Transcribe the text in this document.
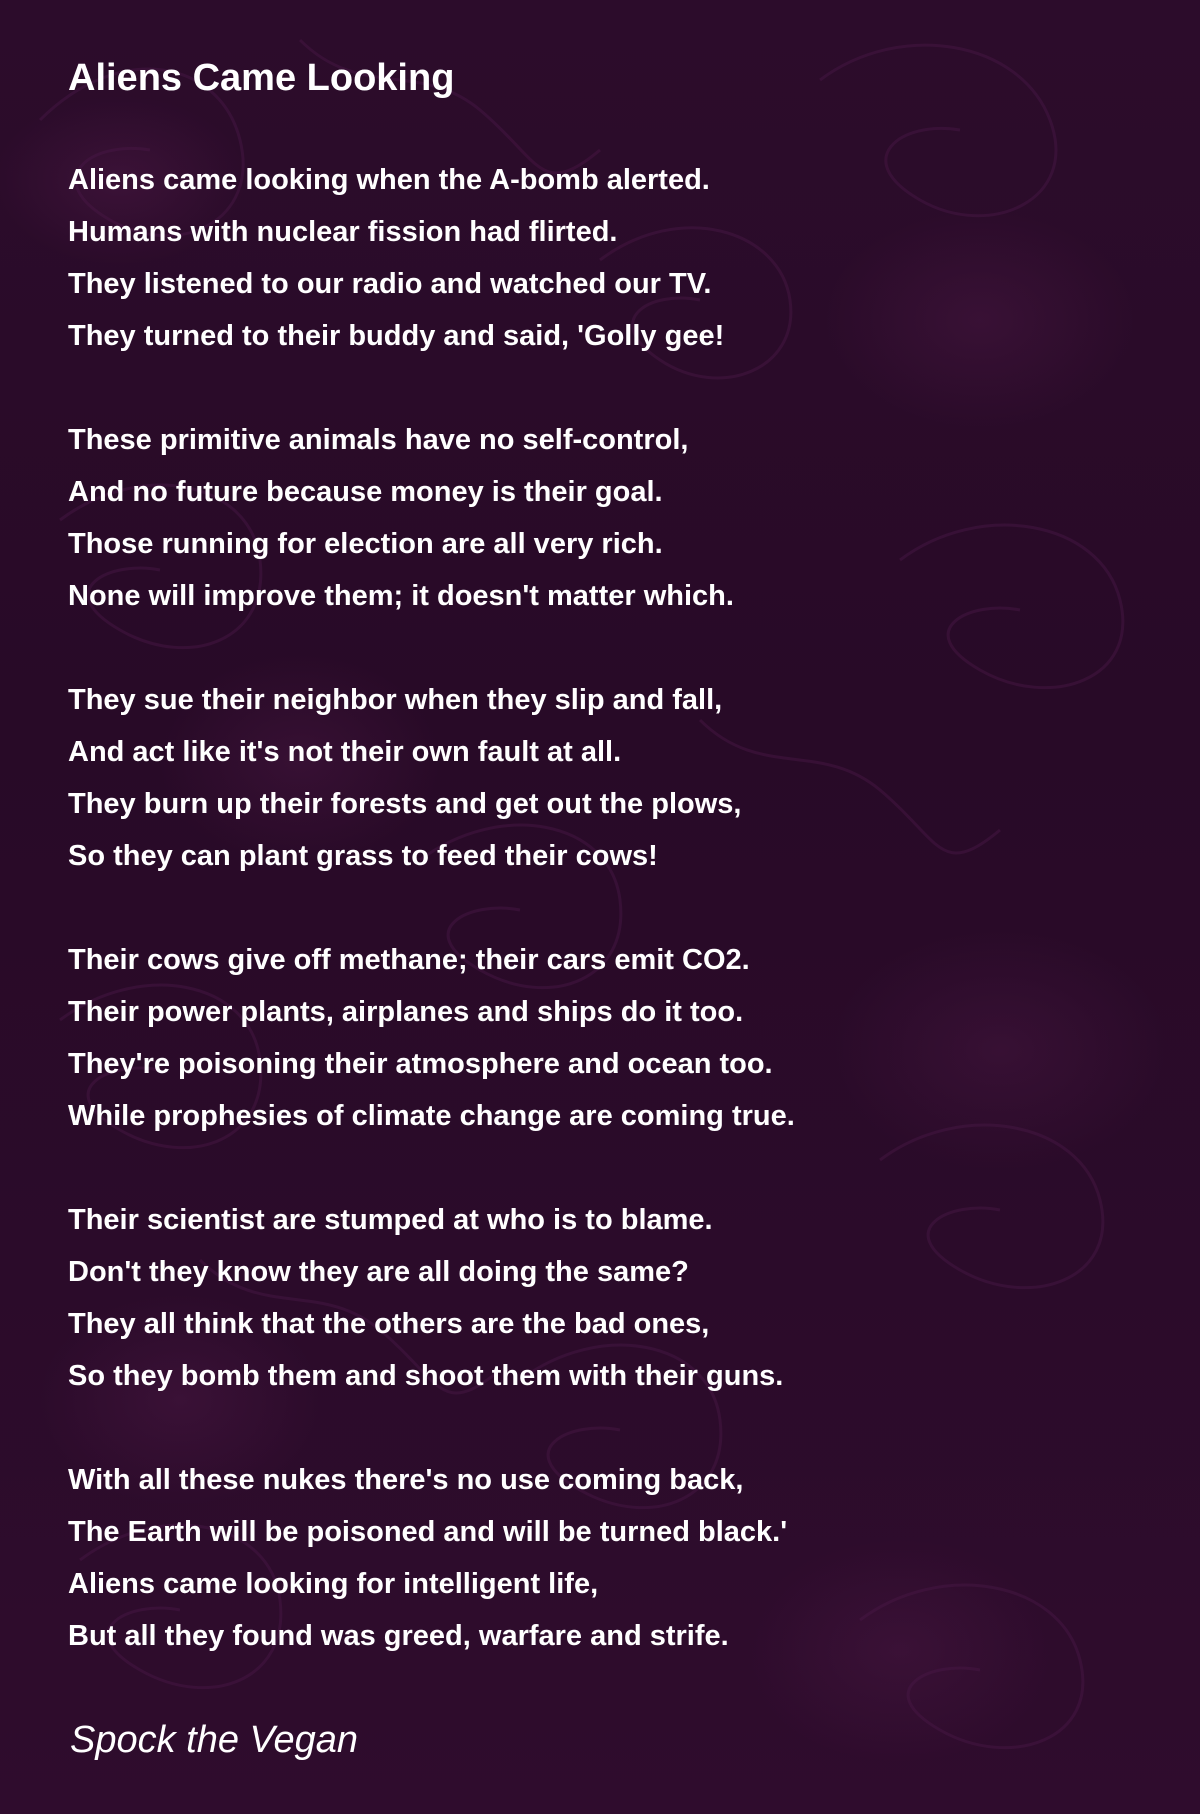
Aliens Came Looking
Aliens came looking when the A-bomb alerted.
Humans with nuclear fission had flirted.
They listened to our radio and watched our TV.
They turned to their buddy and said, 'Golly gee!
These primitive animals have no self-control,
And no future because money is their goal.
Those running for election are all very rich.
None will improve them; it doesn't matter which.
They sue their neighbor when they slip and fall,
And act like it's not their own fault at all.
They burn up their forests and get out the plows,
So they can plant grass to feed their cows!
Their cows give off methane; their cars emit CO2.
Their power plants, airplanes and ships do it too.
They're poisoning their atmosphere and ocean too.
While prophesies of climate change are coming true.
Their scientist are stumped at who is to blame.
Don't they know they are all doing the same?
They all think that the others are the bad ones,
So they bomb them and shoot them with their guns.
With all these nukes there's no use coming back,
The Earth will be poisoned and will be turned black.'
Aliens came looking for intelligent life,
But all they found was greed, warfare and strife.
Spock the Vegan
